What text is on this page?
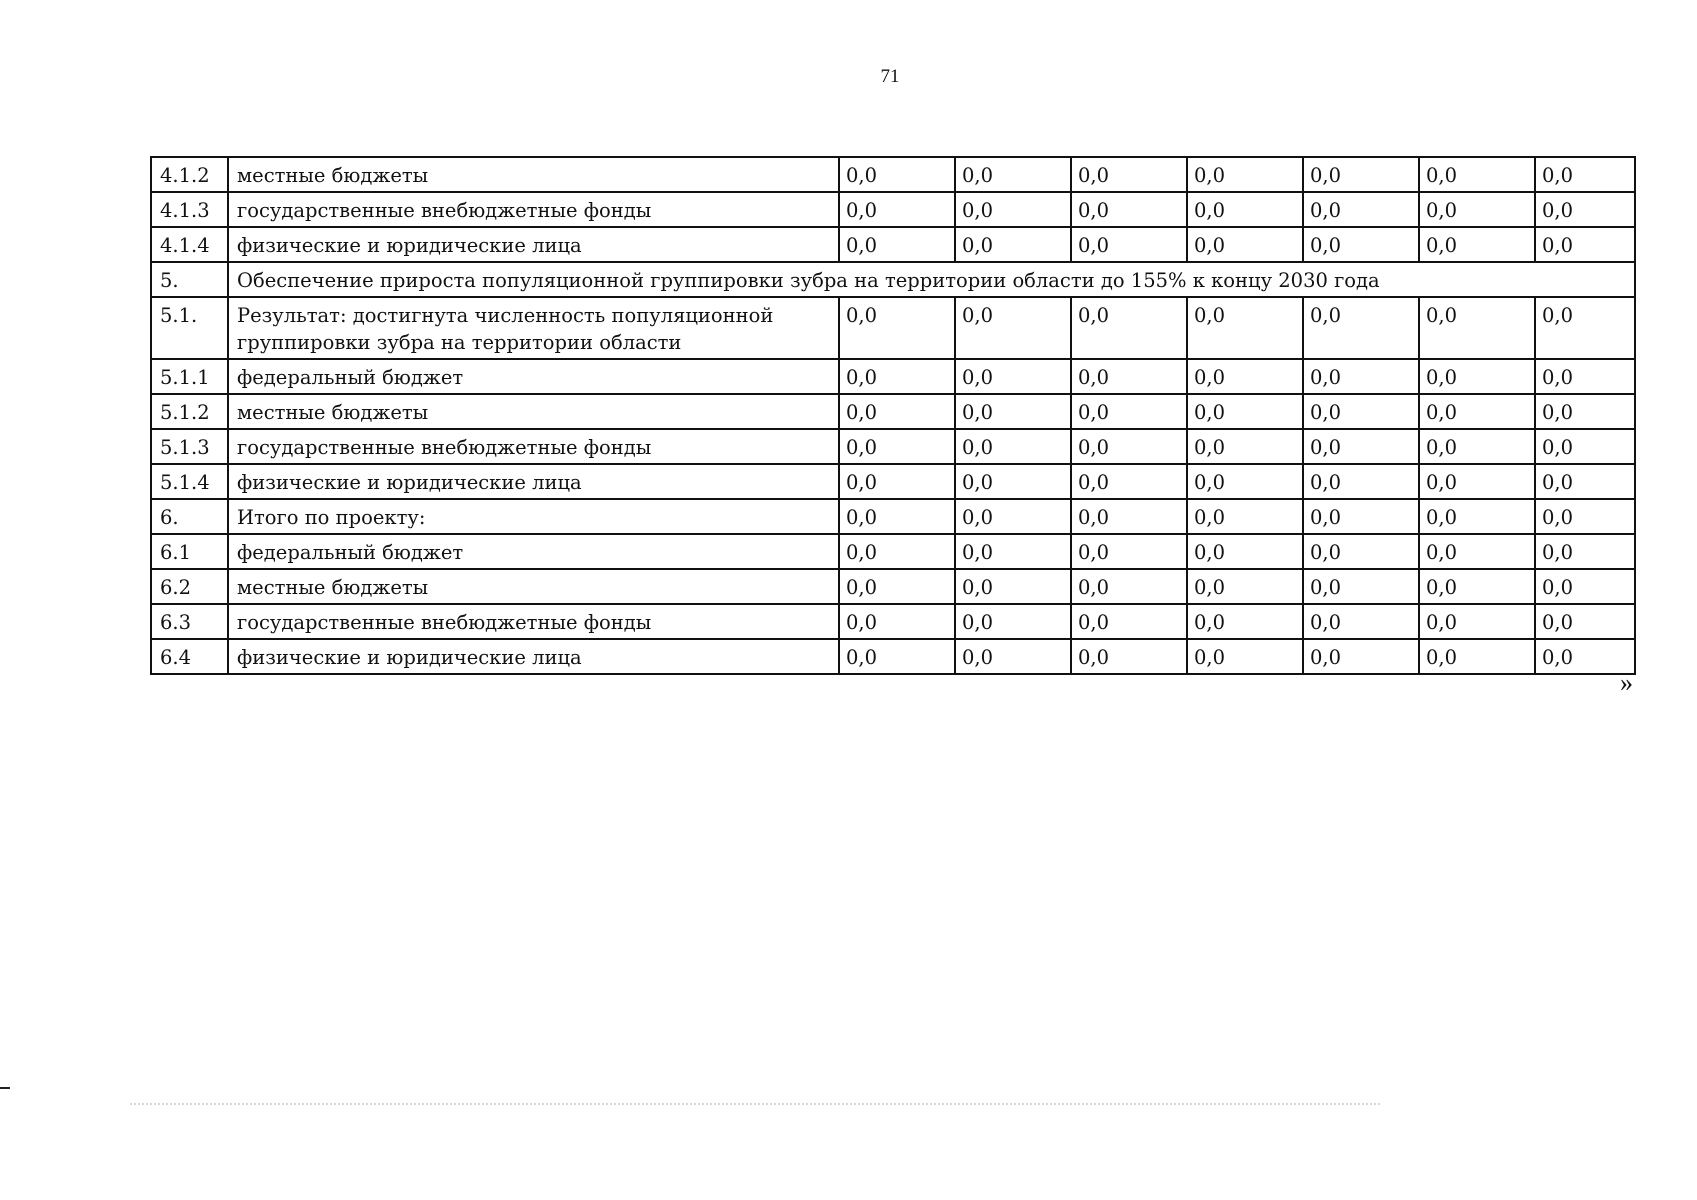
71
4.1.2	местные бюджеты	0,0	0,0	0,0	0,0	0,0	0,0	0,0
4.1.3	государственные внебюджетные фонды	0,0	0,0	0,0	0,0	0,0	0,0	0,0
4.1.4	физические и юридические лица	0,0	0,0	0,0	0,0	0,0	0,0	0,0
5.	Обеспечение прироста популяционной группировки зубра на территории области до 155% к концу 2030 года							
5.1.	Результат: достигнута численность популяционной группировки зубра на территории области	0,0	0,0	0,0	0,0	0,0	0,0	0,0
5.1.1	федеральный бюджет	0,0	0,0	0,0	0,0	0,0	0,0	0,0
5.1.2	местные бюджеты	0,0	0,0	0,0	0,0	0,0	0,0	0,0
5.1.3	государственные внебюджетные фонды	0,0	0,0	0,0	0,0	0,0	0,0	0,0
5.1.4	физические и юридические лица	0,0	0,0	0,0	0,0	0,0	0,0	0,0
6.	Итого по проекту:	0,0	0,0	0,0	0,0	0,0	0,0	0,0
6.1	федеральный бюджет	0,0	0,0	0,0	0,0	0,0	0,0	0,0
6.2	местные бюджеты	0,0	0,0	0,0	0,0	0,0	0,0	0,0
6.3	государственные внебюджетные фонды	0,0	0,0	0,0	0,0	0,0	0,0	0,0
6.4	физические и юридические лица	0,0	0,0	0,0	0,0	0,0	0,0	0,0
»
